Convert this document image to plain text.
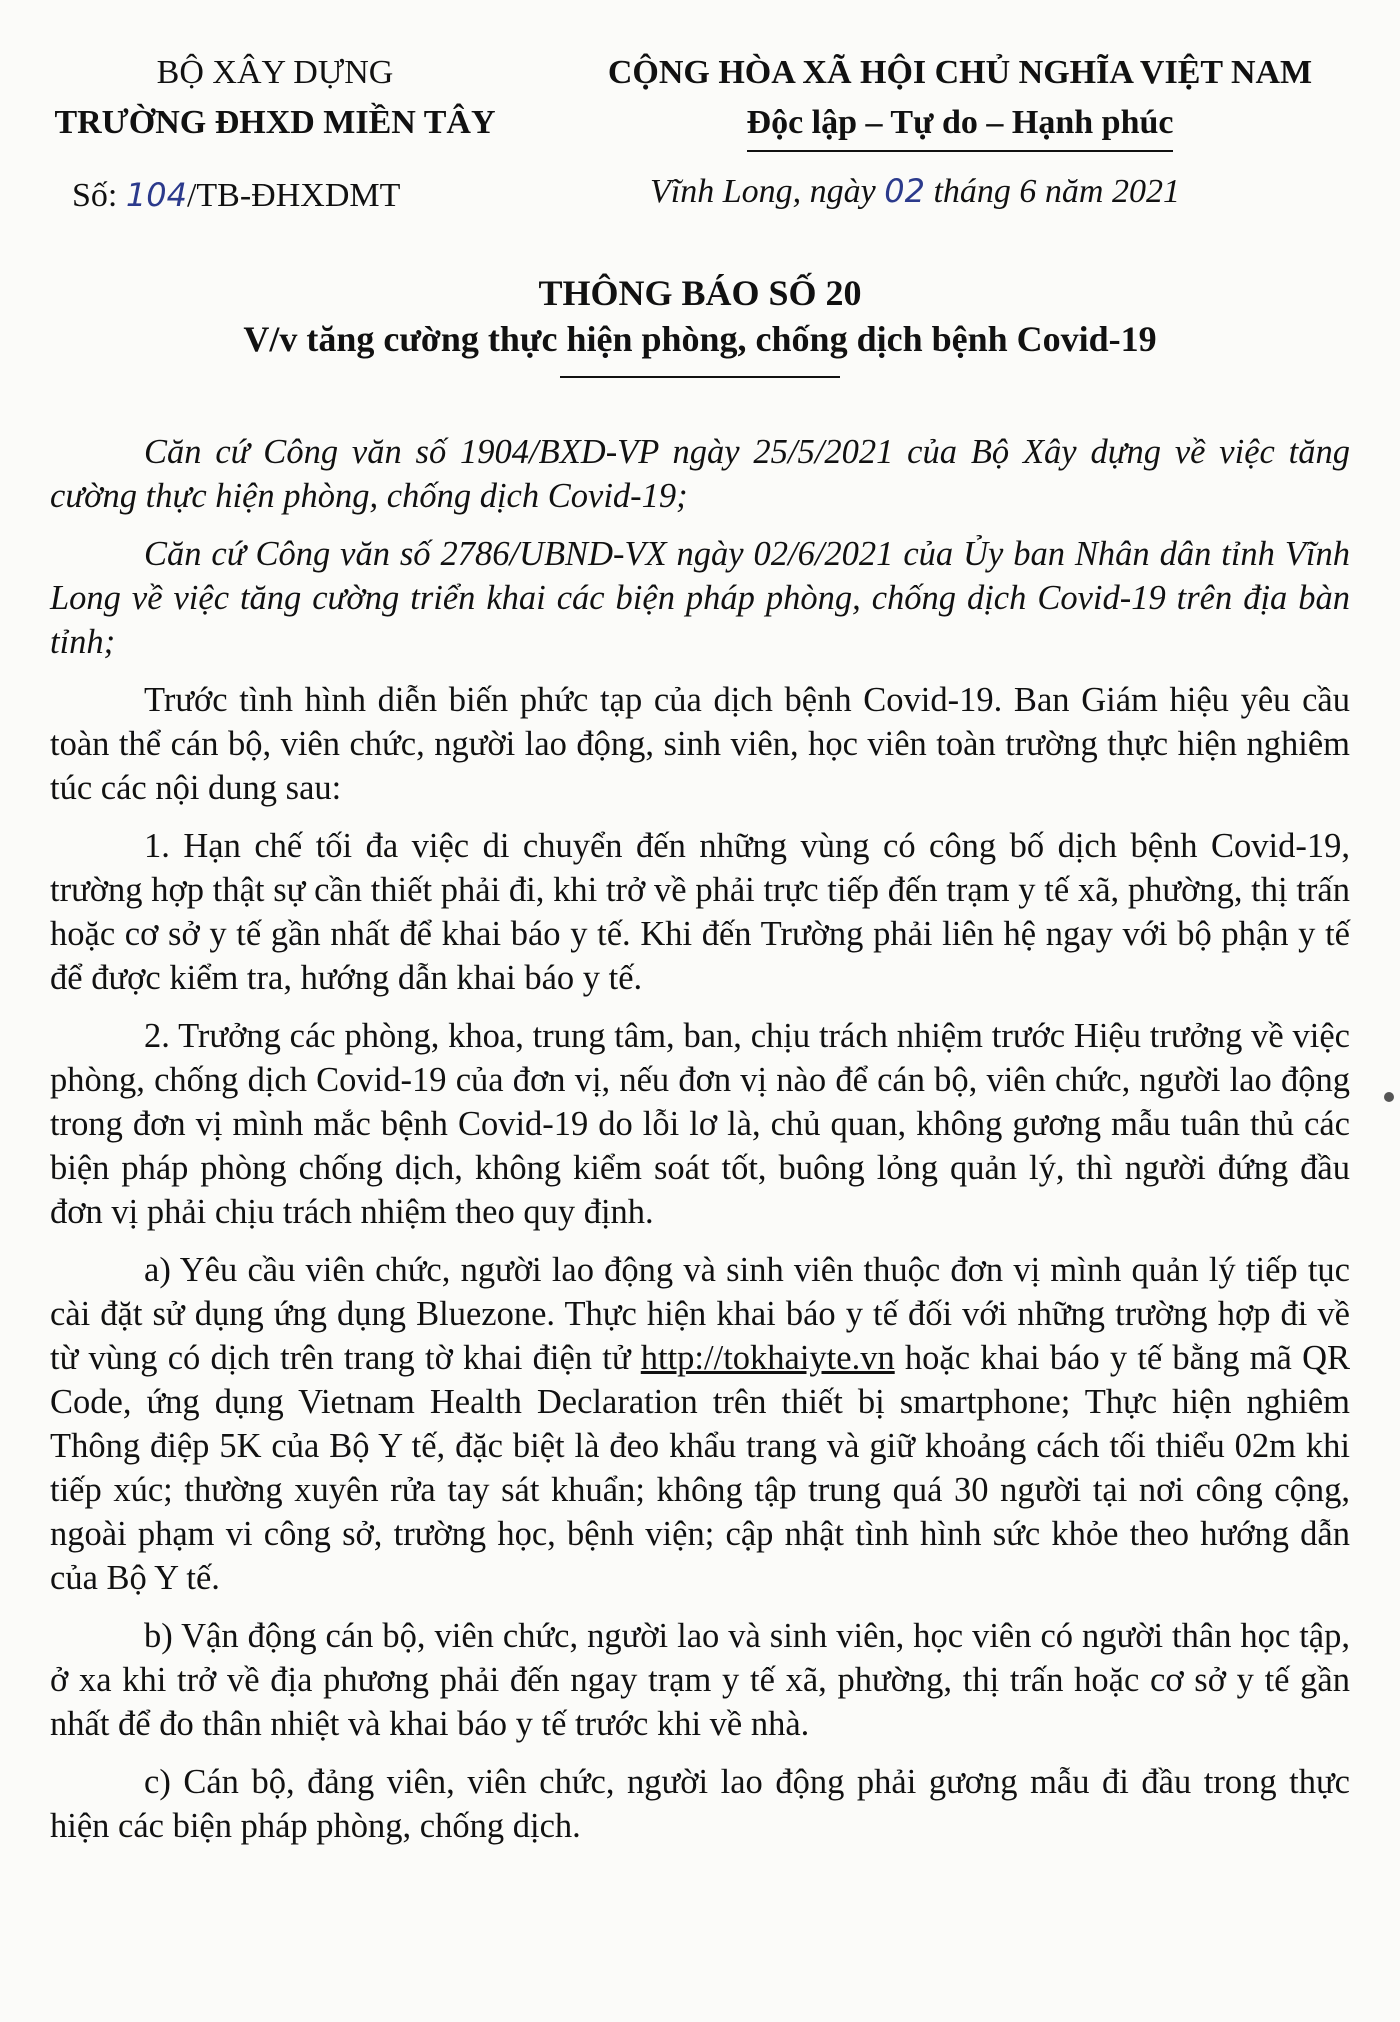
BỘ XÂY DỰNG
TRƯỜNG ĐHXD MIỀN TÂY
CỘNG HÒA XÃ HỘI CHỦ NGHĨA VIỆT NAM
Độc lập – Tự do – Hạnh phúc
Số: 104/TB-ĐHXDMT	Vĩnh Long, ngày 02 tháng 6 năm 2021
THÔNG BÁO SỐ 20
V/v tăng cường thực hiện phòng, chống dịch bệnh Covid-19

Căn cứ Công văn số 1904/BXD-VP ngày 25/5/2021 của Bộ Xây dựng về việc tăng cường thực hiện phòng, chống dịch Covid-19;

Căn cứ Công văn số 2786/UBND-VX ngày 02/6/2021 của Ủy ban Nhân dân tỉnh Vĩnh Long về việc tăng cường triển khai các biện pháp phòng, chống dịch Covid-19 trên địa bàn tỉnh;

Trước tình hình diễn biến phức tạp của dịch bệnh Covid-19. Ban Giám hiệu yêu cầu toàn thể cán bộ, viên chức, người lao động, sinh viên, học viên toàn trường thực hiện nghiêm túc các nội dung sau:

1. Hạn chế tối đa việc di chuyển đến những vùng có công bố dịch bệnh Covid-19, trường hợp thật sự cần thiết phải đi, khi trở về phải trực tiếp đến trạm y tế xã, phường, thị trấn hoặc cơ sở y tế gần nhất để khai báo y tế. Khi đến Trường phải liên hệ ngay với bộ phận y tế để được kiểm tra, hướng dẫn khai báo y tế.

2. Trưởng các phòng, khoa, trung tâm, ban, chịu trách nhiệm trước Hiệu trưởng về việc phòng, chống dịch Covid-19 của đơn vị, nếu đơn vị nào để cán bộ, viên chức, người lao động trong đơn vị mình mắc bệnh Covid-19 do lỗi lơ là, chủ quan, không gương mẫu tuân thủ các biện pháp phòng chống dịch, không kiểm soát tốt, buông lỏng quản lý, thì người đứng đầu đơn vị phải chịu trách nhiệm theo quy định.

a) Yêu cầu viên chức, người lao động và sinh viên thuộc đơn vị mình quản lý tiếp tục cài đặt sử dụng ứng dụng Bluezone. Thực hiện khai báo y tế đối với những trường hợp đi về từ vùng có dịch trên trang tờ khai điện tử http://tokhaiyte.vn hoặc khai báo y tế bằng mã QR Code, ứng dụng Vietnam Health Declaration trên thiết bị smartphone; Thực hiện nghiêm Thông điệp 5K của Bộ Y tế, đặc biệt là đeo khẩu trang và giữ khoảng cách tối thiểu 02m khi tiếp xúc; thường xuyên rửa tay sát khuẩn; không tập trung quá 30 người tại nơi công cộng, ngoài phạm vi công sở, trường học, bệnh viện; cập nhật tình hình sức khỏe theo hướng dẫn của Bộ Y tế.

b) Vận động cán bộ, viên chức, người lao và sinh viên, học viên có người thân học tập, ở xa khi trở về địa phương phải đến ngay trạm y tế xã, phường, thị trấn hoặc cơ sở y tế gần nhất để đo thân nhiệt và khai báo y tế trước khi về nhà.

c) Cán bộ, đảng viên, viên chức, người lao động phải gương mẫu đi đầu trong thực hiện các biện pháp phòng, chống dịch.
